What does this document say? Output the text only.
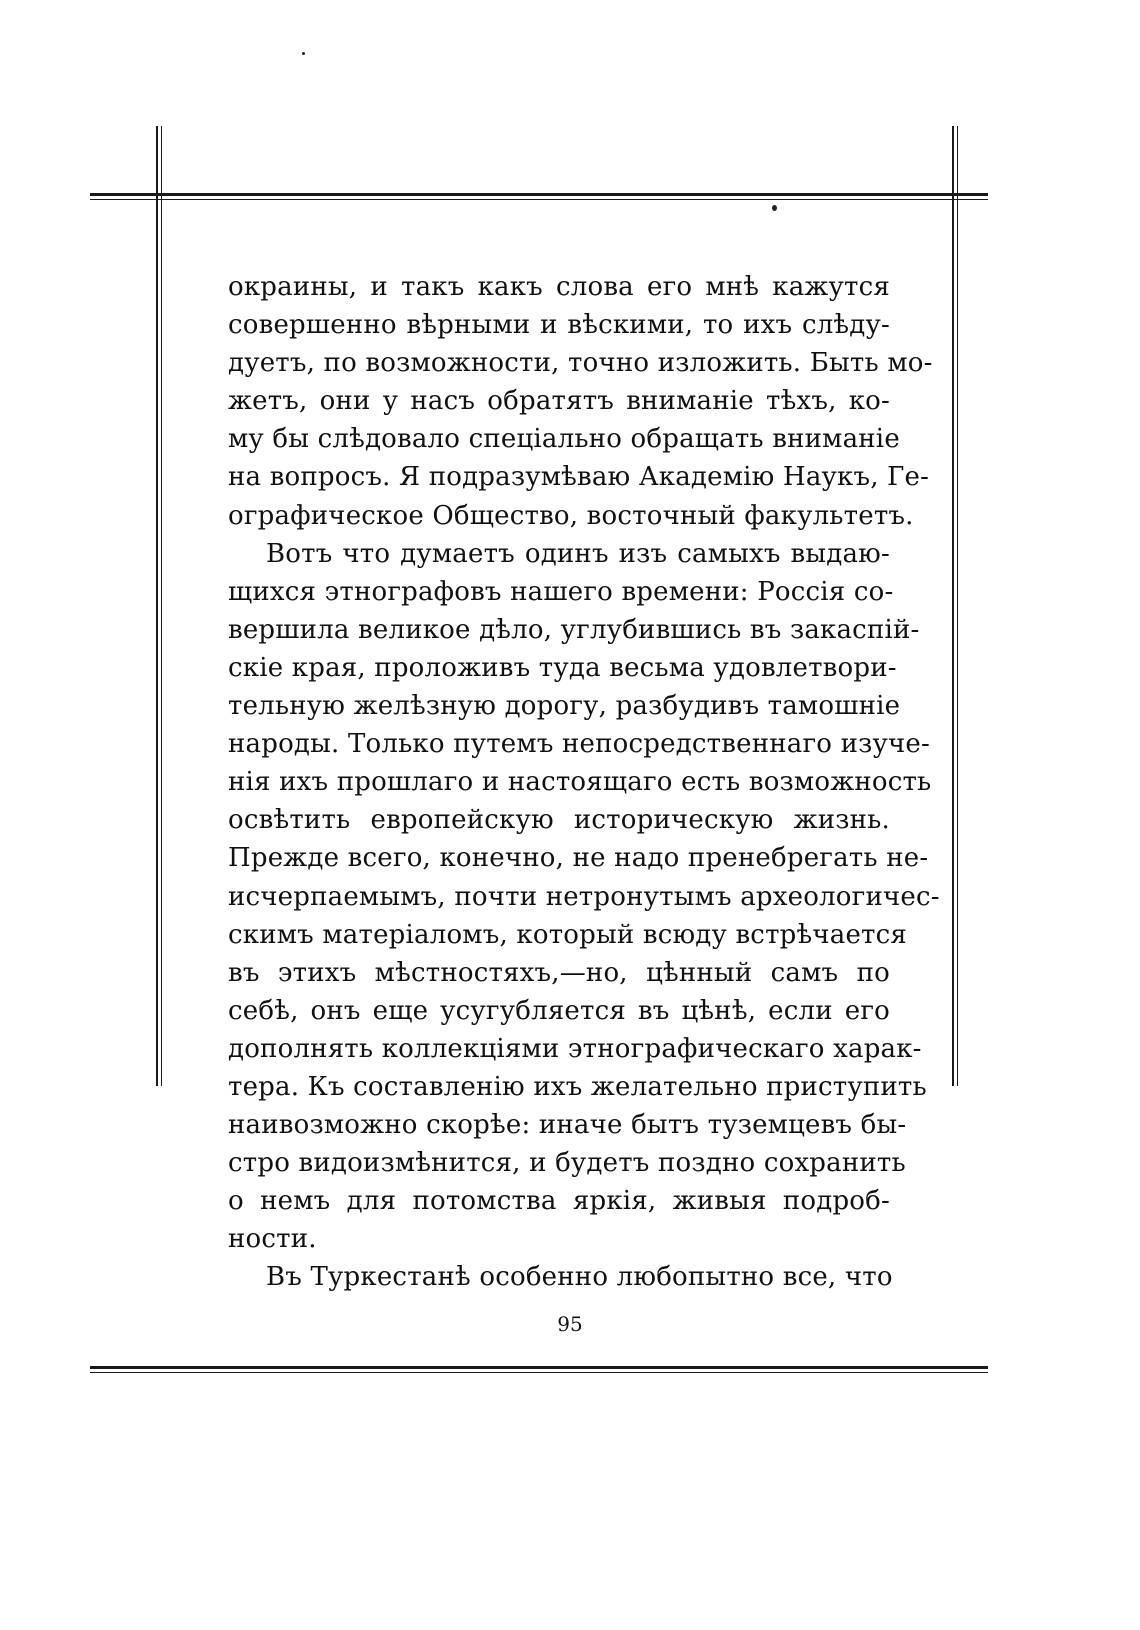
окраины, и такъ какъ слова его мнѣ кажутся
совершенно вѣрными и вѣскими, то ихъ слѣду-
дуетъ, по возможности, точно изложить. Быть мо-
жетъ, они у насъ обратятъ вниманіе тѣхъ, ко-
му бы слѣдовало спеціально обращать вниманіе
на вопросъ. Я подразумѣваю Академію Наукъ, Ге-
ографическое Общество, восточный факультетъ.
Вотъ что думаетъ одинъ изъ самыхъ выдаю-
щихся этнографовъ нашего времени: Россія со-
вершила великое дѣло, углубившись въ закаспій-
скіе края, проложивъ туда весьма удовлетвори-
тельную желѣзную дорогу, разбудивъ тамошніе
народы. Только путемъ непосредственнаго изуче-
нія ихъ прошлаго и настоящаго есть возможность
освѣтить европейскую историческую жизнь.
Прежде всего, конечно, не надо пренебрегать не-
исчерпаемымъ, почти нетронутымъ археологичес-
скимъ матеріаломъ, который всюду встрѣчается
въ этихъ мѣстностяхъ,—но, цѣнный самъ по
себѣ, онъ еще усугубляется въ цѣнѣ, если его
дополнять коллекціями этнографическаго харак-
тера. Къ составленію ихъ желательно приступить
наивозможно скорѣе: иначе бытъ туземцевъ бы-
стро видоизмѣнится, и будетъ поздно сохранить
о немъ для потомства яркія, живыя подроб-
ности.
Въ Туркестанѣ особенно любопытно все, что
95
